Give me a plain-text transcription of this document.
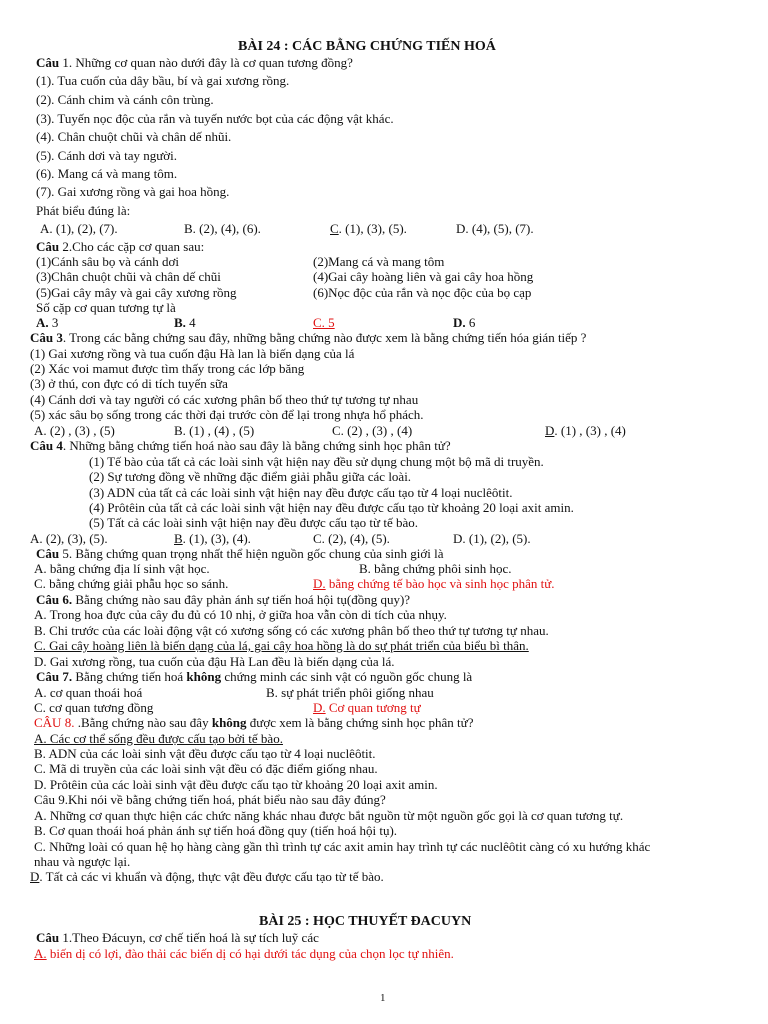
BÀI 24 : CÁC BẰNG CHỨNG TIẾN HOÁ
Câu 1. Những cơ quan nào dưới đây là cơ quan tương đồng?
(1). Tua cuốn của dây bầu, bí và gai xương rồng.
(2). Cánh chim và cánh côn trùng.
(3). Tuyến nọc độc của rắn và tuyến nước bọt của các động vật khác.
(4). Chân chuột chũi và chân dế nhũi.
(5). Cánh dơi và tay người.
(6). Mang cá và mang tôm.
(7). Gai xương rồng và gai hoa hồng.
Phát biểu đúng là:
A. (1), (2), (7).	B. (2), (4), (6).	C. (1), (3), (5).	D. (4), (5), (7).
Câu 2.Cho các cặp cơ quan sau:
(1)Cánh sâu bọ và cánh dơi	(2)Mang cá và mang tôm
(3)Chân chuột chũi và chân dế chũi	(4)Gai cây hoàng liên và gai cây hoa hồng
(5)Gai cây mây và gai cây xương rồng	(6)Nọc độc của rắn và nọc độc của bọ cạp
Số cặp cơ quan tương tự là
A. 3	B. 4	C. 5	D. 6
Câu 3. Trong các bằng chứng sau đây, những bằng chứng nào được xem là bằng chứng tiến hóa gián tiếp ?
(1) Gai xương rồng và tua cuốn đậu Hà lan là biến dạng của lá
(2) Xác voi mamut được tìm thấy trong các lớp băng
(3) ở thú, con đực có di tích tuyến sữa
(4) Cánh dơi và tay người có các xương phân bố theo thứ tự tương tự nhau
(5) xác sâu bọ sống trong các thời đại trước còn để lại trong nhựa hổ phách.
A. (2) , (3) , (5)	B. (1) , (4) , (5)	C. (2) , (3) , (4)	D. (1) , (3) , (4)
Câu 4. Những bằng chứng tiến hoá nào sau đây là bằng chứng sinh học phân tử?
(1) Tế bào của tất cả các loài sinh vật hiện nay đều sử dụng chung một bộ mã di truyền.
(2) Sự tương đồng về những đặc điểm giải phẫu giữa các loài.
(3) ADN của tất cả các loài sinh vật hiện nay đều được cấu tạo từ 4 loại nuclêôtit.
(4) Prôtêin của tất cả các loài sinh vật hiện nay đều được cấu tạo từ khoảng 20 loại axit amin.
(5) Tất cả các loài sinh vật hiện nay đều được cấu tạo từ tế bào.
A. (2), (3), (5).	B. (1), (3), (4).	C. (2), (4), (5).	D. (1), (2), (5).
Câu 5. Bằng chứng quan trọng nhất thể hiện nguồn gốc chung của sinh giới là
A. bằng chứng địa lí sinh vật học.	B. bằng chứng phôi sinh học.
C. bằng chứng giải phẫu học so sánh.	D. bằng chứng tế bào học và sinh học phân tử.
Câu 6. Bằng chứng nào sau đây phản ánh sự tiến hoá hội tụ(đồng quy)?
A. Trong hoa đực của cây đu đủ có 10 nhị, ở giữa hoa vẫn còn di tích của nhụy.
B. Chi trước của các loài động vật có xương sống có các xương phân bố theo thứ tự tương tự nhau.
C. Gai cây hoàng liên là biến dạng của lá, gai cây hoa hồng là do sự phát triển của biểu bì thân.
D. Gai xương rồng, tua cuốn của đậu Hà Lan đều là biến dạng của lá.
Câu 7. Bằng chứng tiến hoá không chứng minh các sinh vật có nguồn gốc chung là
A. cơ quan thoái hoá	B. sự phát triển phôi giống nhau
C. cơ quan tương đồng	D. Cơ quan tương tự
CÂU 8. .Bằng chứng nào sau đây không được xem là bằng chứng sinh học phân tử?
A. Các cơ thể sống đều được cấu tạo bởi tế bào.
B. ADN của các loài sinh vật đều được cấu tạo từ 4 loại nuclêôtit.
C. Mã di truyền của các loài sinh vật đều có đặc điểm giống nhau.
D. Prôtêin của các loài sinh vật đều được cấu tạo từ khoảng 20 loại axit amin.
Câu 9.Khi nói về bằng chứng tiến hoá, phát biểu nào sau đây đúng?
A. Những cơ quan thực hiện các chức năng khác nhau được bắt nguồn từ một nguồn gốc gọi là cơ quan tương tự.
B. Cơ quan thoái hoá phản ánh sự tiến hoá đồng quy (tiến hoá hội tụ).
C. Những loài có quan hệ họ hàng càng gần thì trình tự các axit amin hay trình tự các nuclêôtit càng có xu hướng khác
nhau và ngược lại.
D. Tất cả các vi khuẩn và động, thực vật đều được cấu tạo từ tế bào.
BÀI 25 : HỌC THUYẾT ĐACUYN
Câu 1.Theo Đácuyn, cơ chế tiến hoá là sự tích luỹ các
A. biến dị có lợi, đào thải các biến dị có hại dưới tác dụng của chọn lọc tự nhiên.
1
